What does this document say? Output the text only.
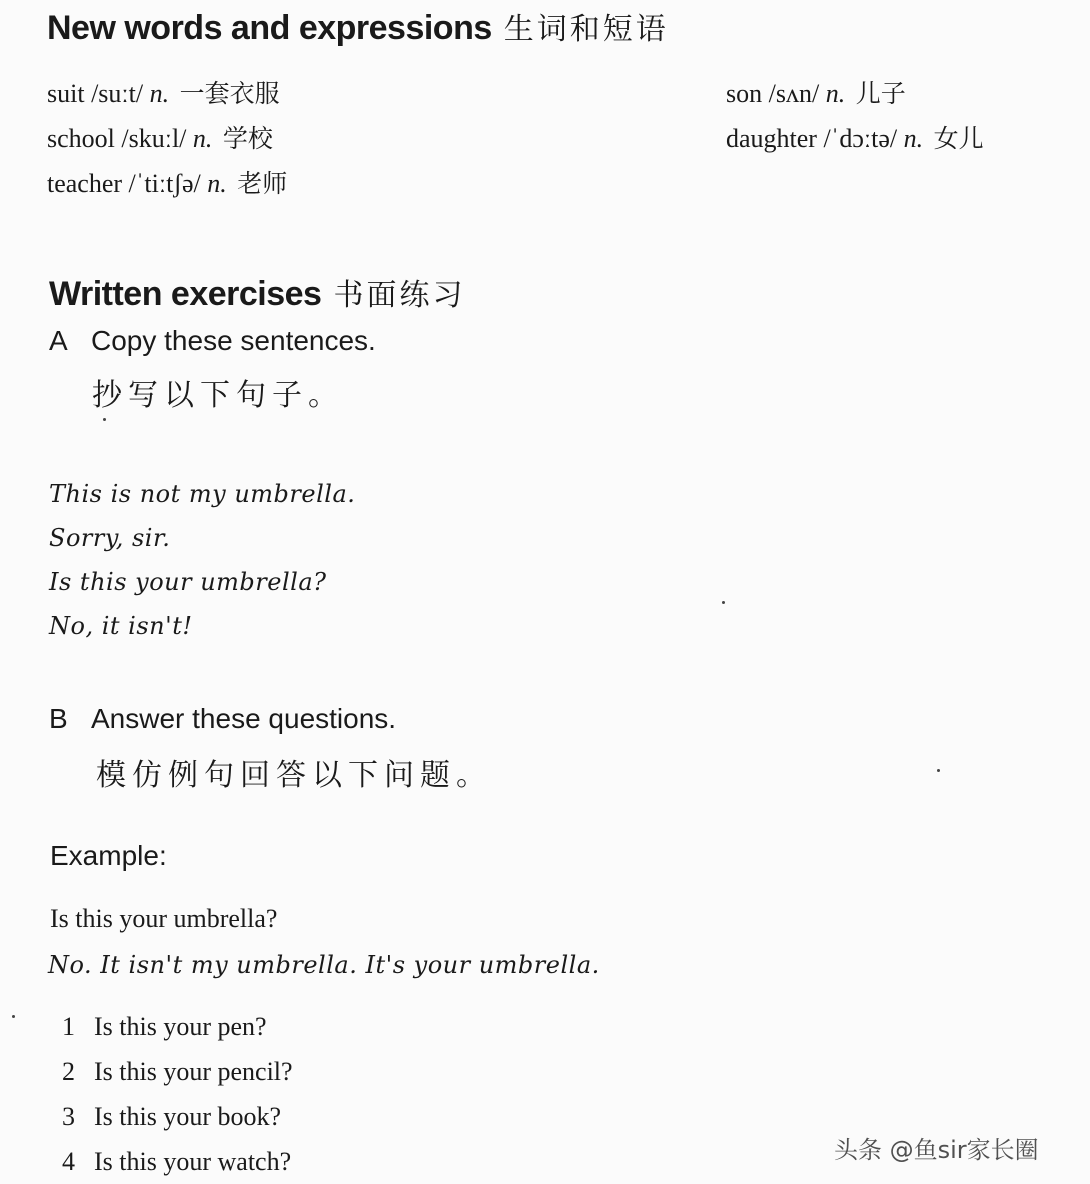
New words and expressions 生词和短语
suit /suːt/ n. 一套衣服
school /skuːl/ n. 学校
teacher /ˈtiːtʃə/ n. 老师
son /sʌn/ n. 儿子
daughter /ˈdɔːtə/ n. 女儿
Written exercises 书面练习
A Copy these sentences.
抄写以下句子。
This is not my umbrella.
Sorry, sir.
Is this your umbrella?
No, it isn't!
B Answer these questions.
模仿例句回答以下问题。
Example:
Is this your umbrella?
No. It isn't my umbrella. It's your umbrella.
1 Is this your pen?
2 Is this your pencil?
3 Is this your book?
4 Is this your watch?	头条 @鱼sir家长圈
